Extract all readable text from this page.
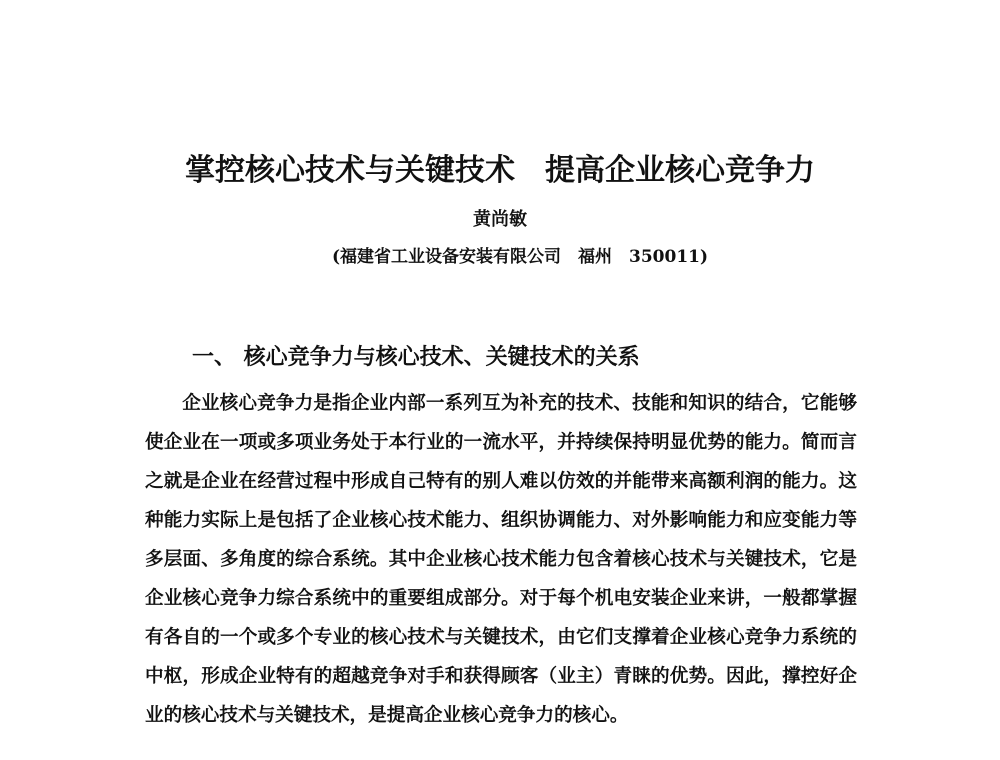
掌控核心技术与关键技术　提高企业核心竞争力
黄尚敏
(福建省工业设备安装有限公司　福州　350011)
一、 核心竞争力与核心技术、关键技术的关系

企业核心竞争力是指企业内部一系列互为补充的技术、技能和知识的结合，它能够使企业在一项或多项业务处于本行业的一流水平，并持续保持明显优势的能力。简而言之就是企业在经营过程中形成自己特有的别人难以仿效的并能带来高额利润的能力。这种能力实际上是包括了企业核心技术能力、组织协调能力、对外影响能力和应变能力等多层面、多角度的综合系统。其中企业核心技术能力包含着核心技术与关键技术，它是企业核心竞争力综合系统中的重要组成部分。对于每个机电安装企业来讲，一般都掌握有各自的一个或多个专业的核心技术与关键技术，由它们支撑着企业核心竞争力系统的中枢，形成企业特有的超越竞争对手和获得顾客（业主）青睐的优势。因此，撑控好企业的核心技术与关键技术，是提高企业核心竞争力的核心。
